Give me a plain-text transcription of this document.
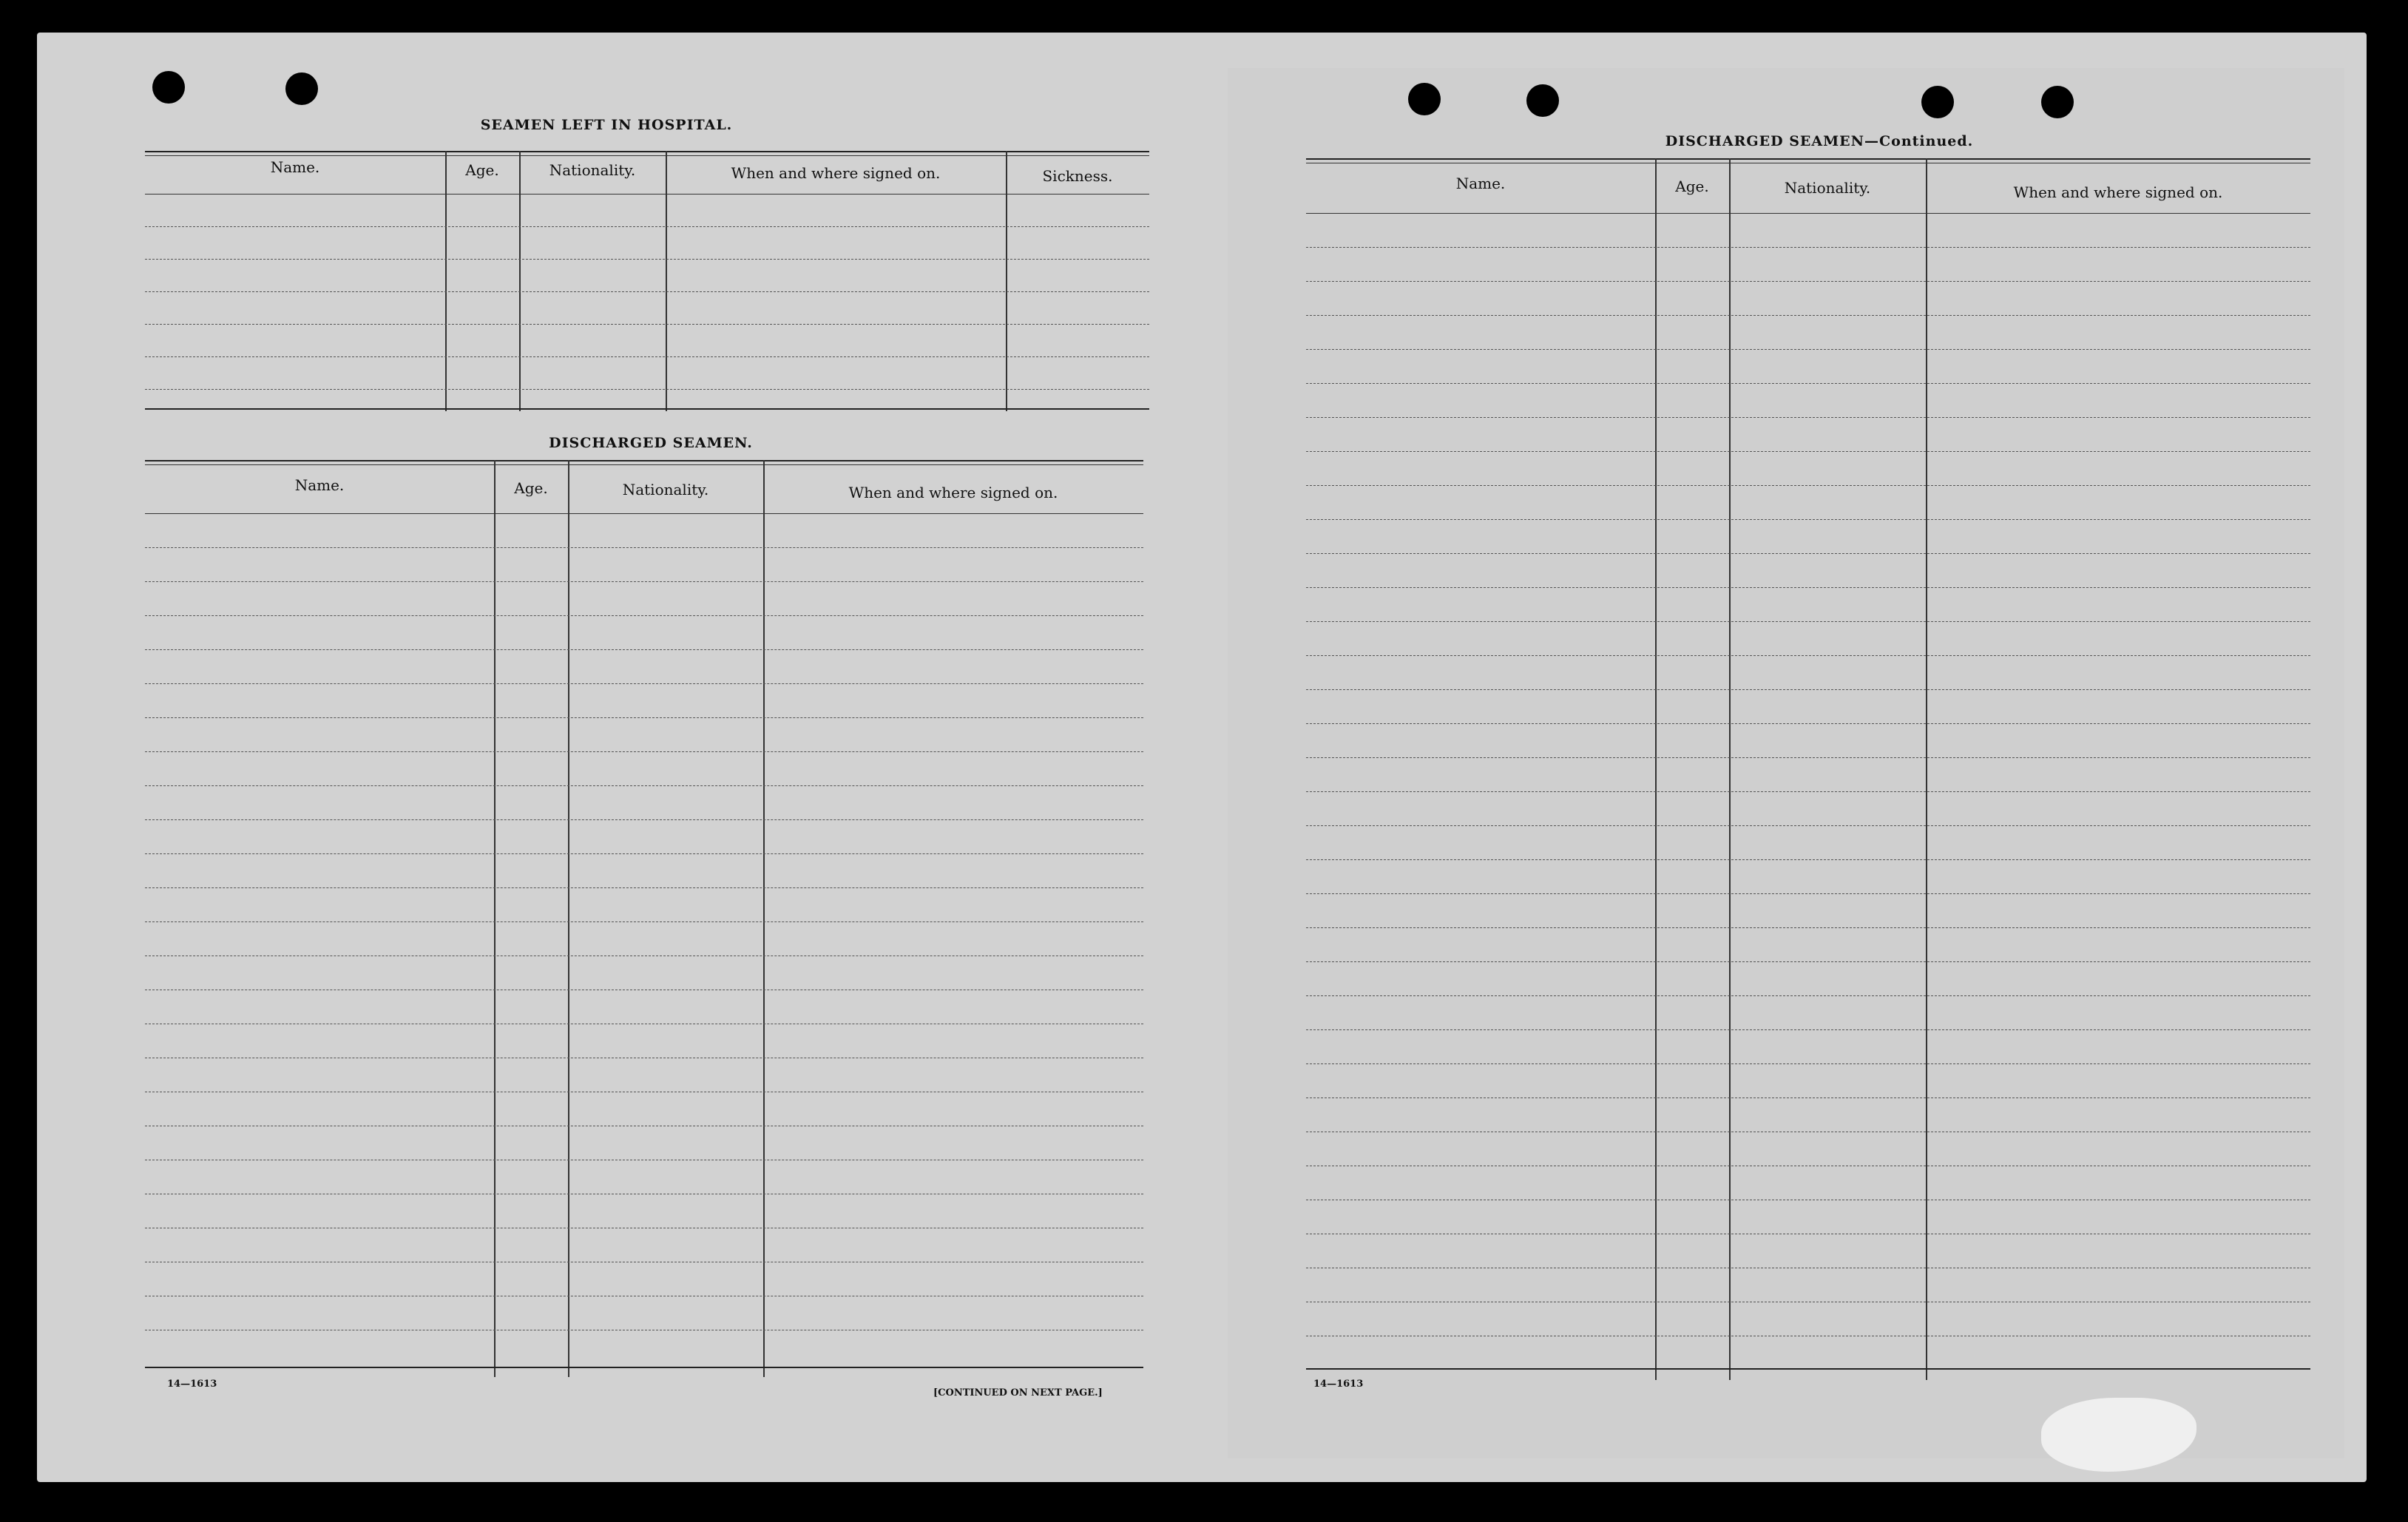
SEAMEN LEFT IN HOSPITAL.
Name.	Age.	Nationality.	When and where signed on.	Sickness.
DISCHARGED SEAMEN.
Name.	Age.	Nationality.	When and where signed on.
14—1613
[CONTINUED ON NEXT PAGE.]
DISCHARGED SEAMEN—Continued.
Name.	Age.	Nationality.	When and where signed on.
14—1613
